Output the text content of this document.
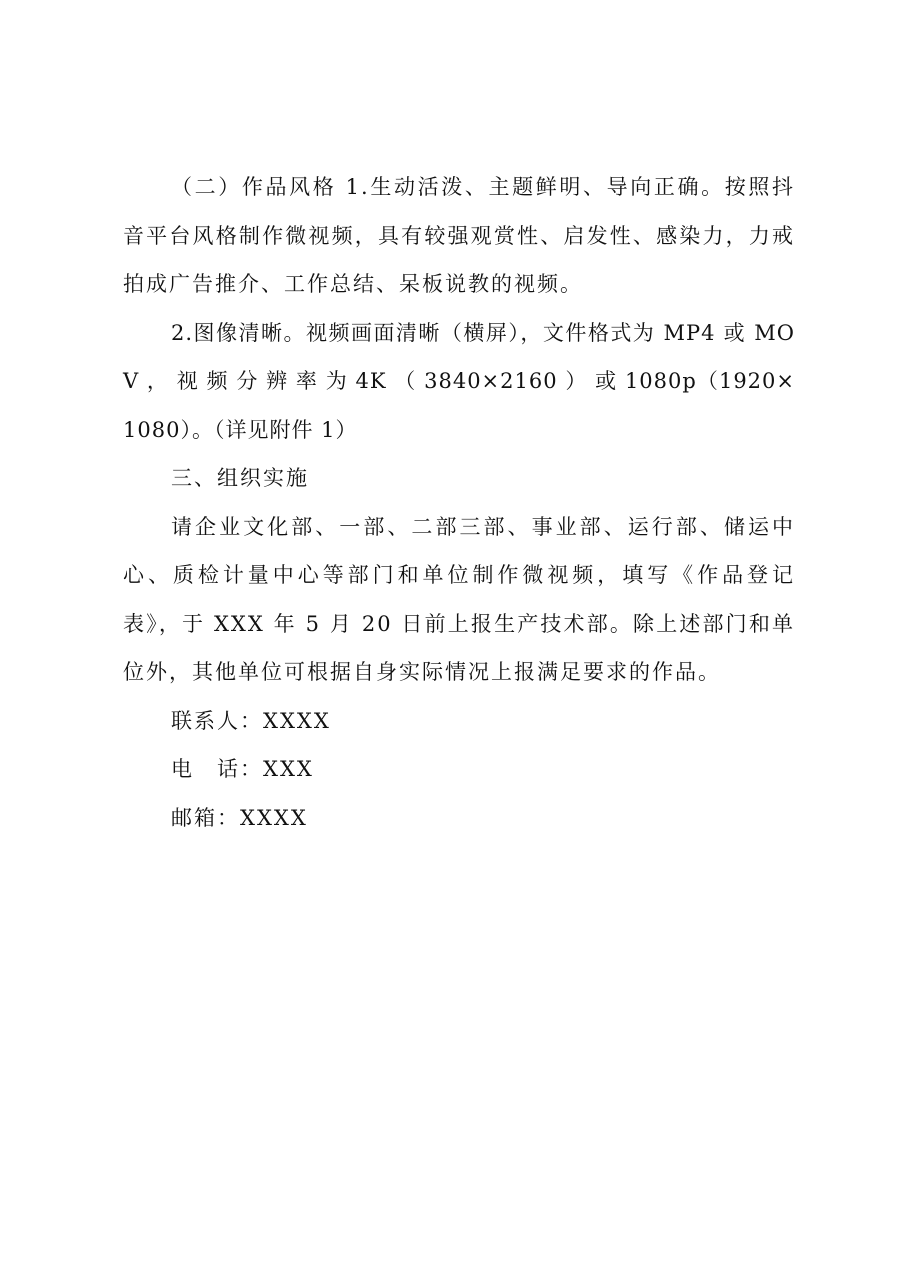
（二）作品风格 1.生动活泼、主题鲜明、导向正确。按照抖音平台风格制作微视频，具有较强观赏性、启发性、感染力，力戒拍成广告推介、工作总结、呆板说教的视频。

2.图像清晰。视频画面清晰（横屏），文件格式为 MP4 或 MOV ， 视 频 分 辨 率 为 4K （ 3840×2160 ） 或 1080p（1920×1080）。（详见附件 1）

三、组织实施

请企业文化部、一部、二部三部、事业部、运行部、储运中心、质检计量中心等部门和单位制作微视频，填写《作品登记表》，于 XXX 年 5 月 20 日前上报生产技术部。除上述部门和单位外，其他单位可根据自身实际情况上报满足要求的作品。

联系人：XXXX

电　话：XXX

邮箱：XXXX
